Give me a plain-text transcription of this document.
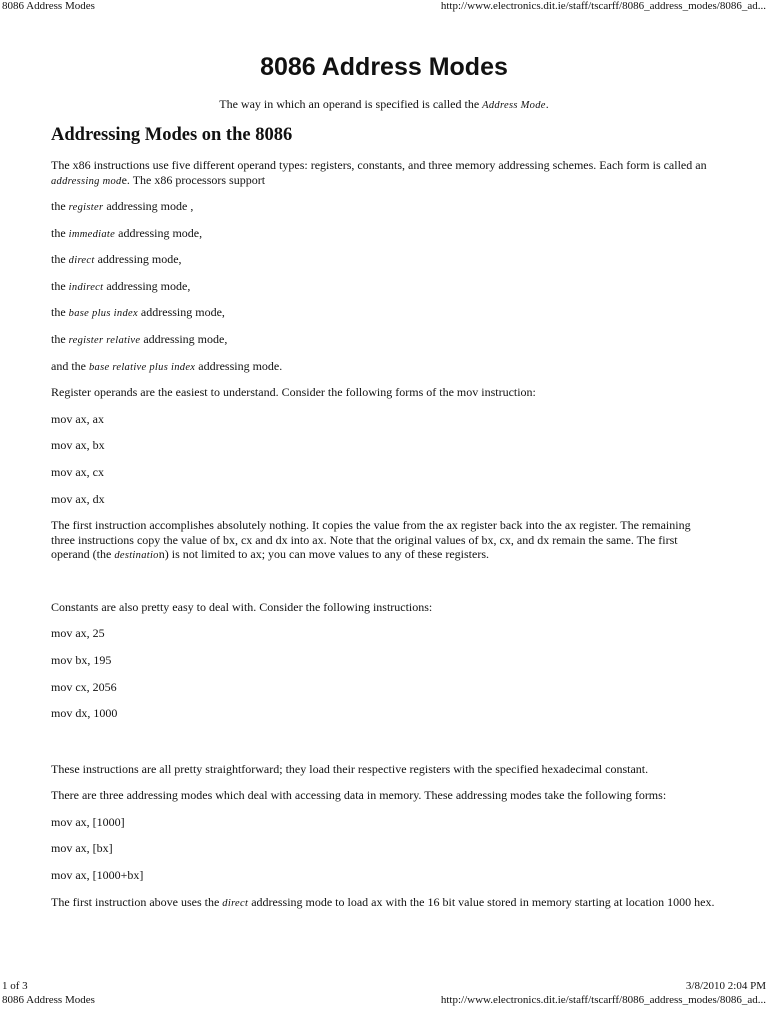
8086 Address Modes	http://www.electronics.dit.ie/staff/tscarff/8086_address_modes/8086_ad...
8086 Address Modes
The way in which an operand is specified is called the Address Mode.
Addressing Modes on the 8086
The x86 instructions use five different operand types: registers, constants, and three memory addressing schemes. Each form is called an addressing mode. The x86 processors support
the register addressing mode ,
the immediate addressing mode,
the direct addressing mode,
the indirect addressing mode,
the base plus index addressing mode,
the register relative addressing mode,
and the base relative plus index addressing mode.
Register operands are the easiest to understand. Consider the following forms of the mov instruction:
mov ax, ax
mov ax, bx
mov ax, cx
mov ax, dx
The first instruction accomplishes absolutely nothing. It copies the value from the ax register back into the ax register. The remaining three instructions copy the value of bx, cx and dx into ax. Note that the original values of bx, cx, and dx remain the same. The first operand (the destination) is not limited to ax; you can move values to any of these registers.
Constants are also pretty easy to deal with. Consider the following instructions:
mov ax, 25
mov bx, 195
mov cx, 2056
mov dx, 1000
These instructions are all pretty straightforward; they load their respective registers with the specified hexadecimal constant.
There are three addressing modes which deal with accessing data in memory. These addressing modes take the following forms:
mov ax, [1000]
mov ax, [bx]
mov ax, [1000+bx]
The first instruction above uses the direct addressing mode to load ax with the 16 bit value stored in memory starting at location 1000 hex.
1 of 3	3/8/2010 2:04 PM
8086 Address Modes	http://www.electronics.dit.ie/staff/tscarff/8086_address_modes/8086_ad...
